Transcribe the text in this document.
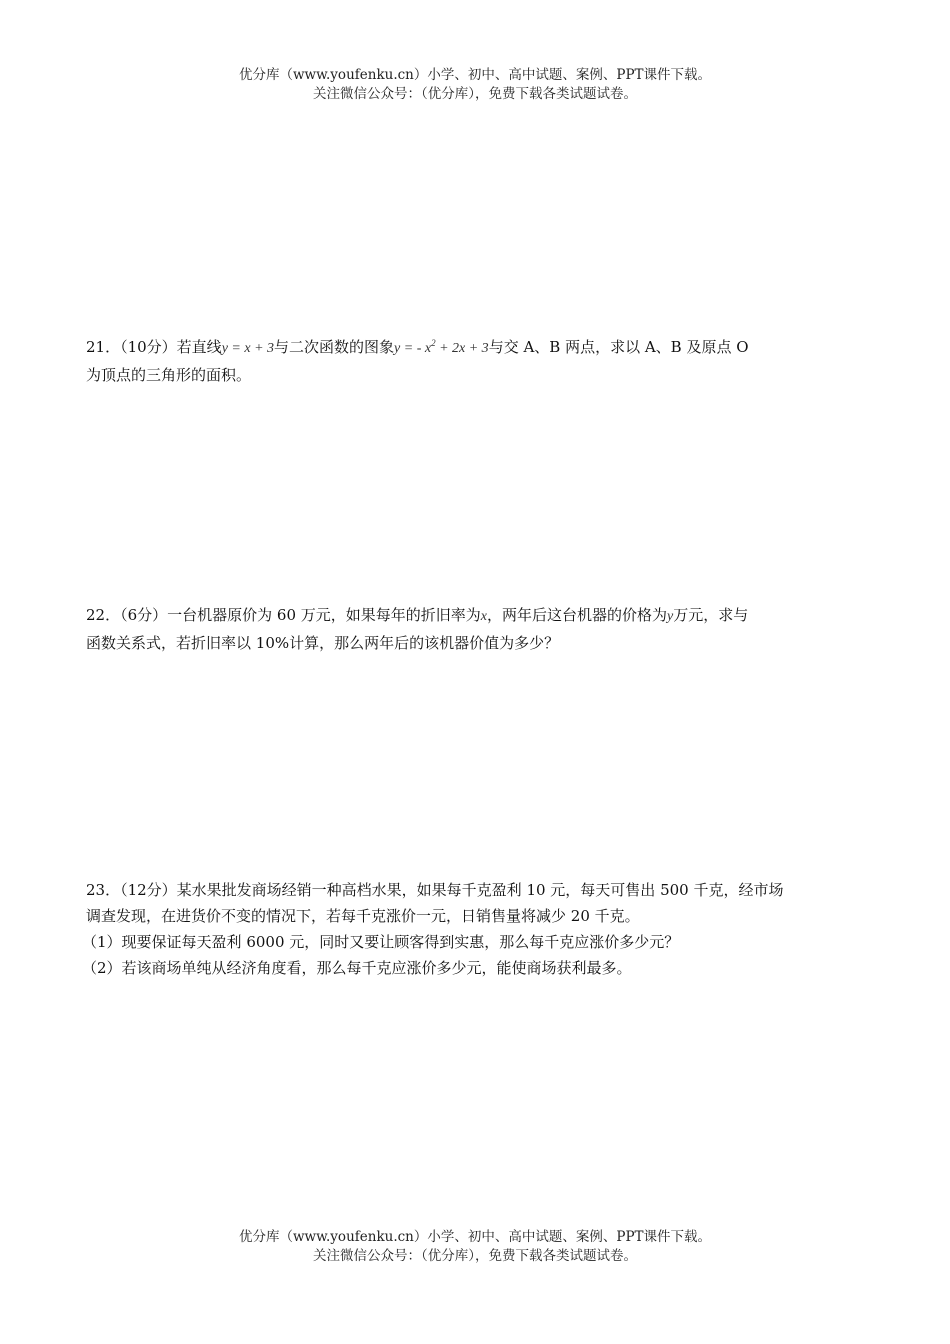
优分库（www.youfenku.cn）小学、初中、高中试题、案例、PPT课件下载。
关注微信公众号：（优分库），免费下载各类试题试卷。
21．（10分）若直线y = x + 3与二次函数的图象y = - $x^2 + 2x + 3$与交 A、B 两点，求以 A、B 及原点 O
为顶点的三角形的面积。
22．（6分）一台机器原价为 60 万元，如果每年的折旧率为x，两年后这台机器的价格为y万元，求与
函数关系式，若折旧率以 10%计算，那么两年后的该机器价值为多少？
23．（12分）某水果批发商场经销一种高档水果，如果每千克盈利 10 元，每天可售出 500 千克，经市场
调查发现，在进货价不变的情况下，若每千克涨价一元，日销售量将减少 20 千克。
（1）现要保证每天盈利 6000 元，同时又要让顾客得到实惠，那么每千克应涨价多少元？
（2）若该商场单纯从经济角度看，那么每千克应涨价多少元，能使商场获利最多。
优分库（www.youfenku.cn）小学、初中、高中试题、案例、PPT课件下载。
关注微信公众号：（优分库），免费下载各类试题试卷。
